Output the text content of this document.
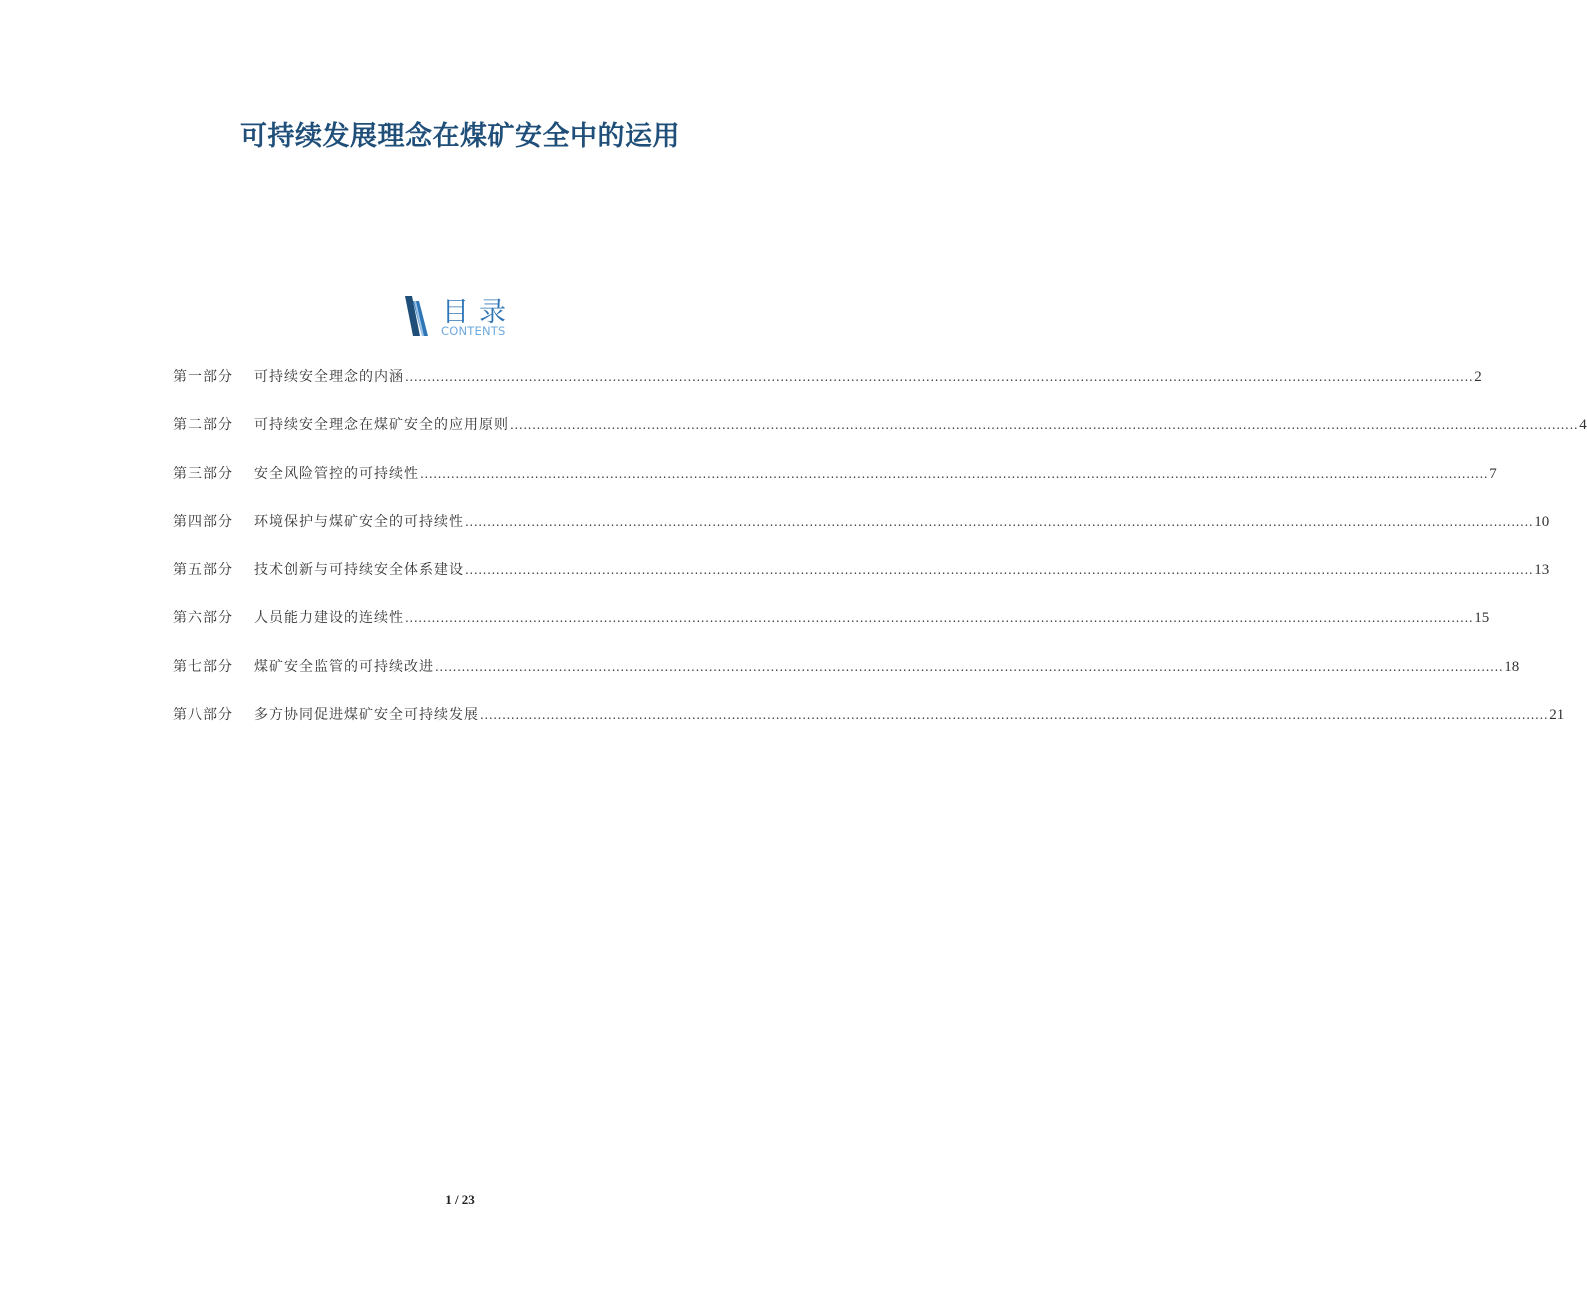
可持续发展理念在煤矿安全中的运用
目录
CONTENTS
第一部分	可持续安全理念的内涵 .................................................................................................................................................................................................................................................. 2
第二部分	可持续安全理念在煤矿安全的应用原则 .................................................................................................................................................................................................................................................. 4
第三部分	安全风险管控的可持续性 .................................................................................................................................................................................................................................................. 7
第四部分	环境保护与煤矿安全的可持续性 .................................................................................................................................................................................................................................................. 10
第五部分	技术创新与可持续安全体系建设 .................................................................................................................................................................................................................................................. 13
第六部分	人员能力建设的连续性 .................................................................................................................................................................................................................................................. 15
第七部分	煤矿安全监管的可持续改进 .................................................................................................................................................................................................................................................. 18
第八部分	多方协同促进煤矿安全可持续发展 .................................................................................................................................................................................................................................................. 21
1 / 23
